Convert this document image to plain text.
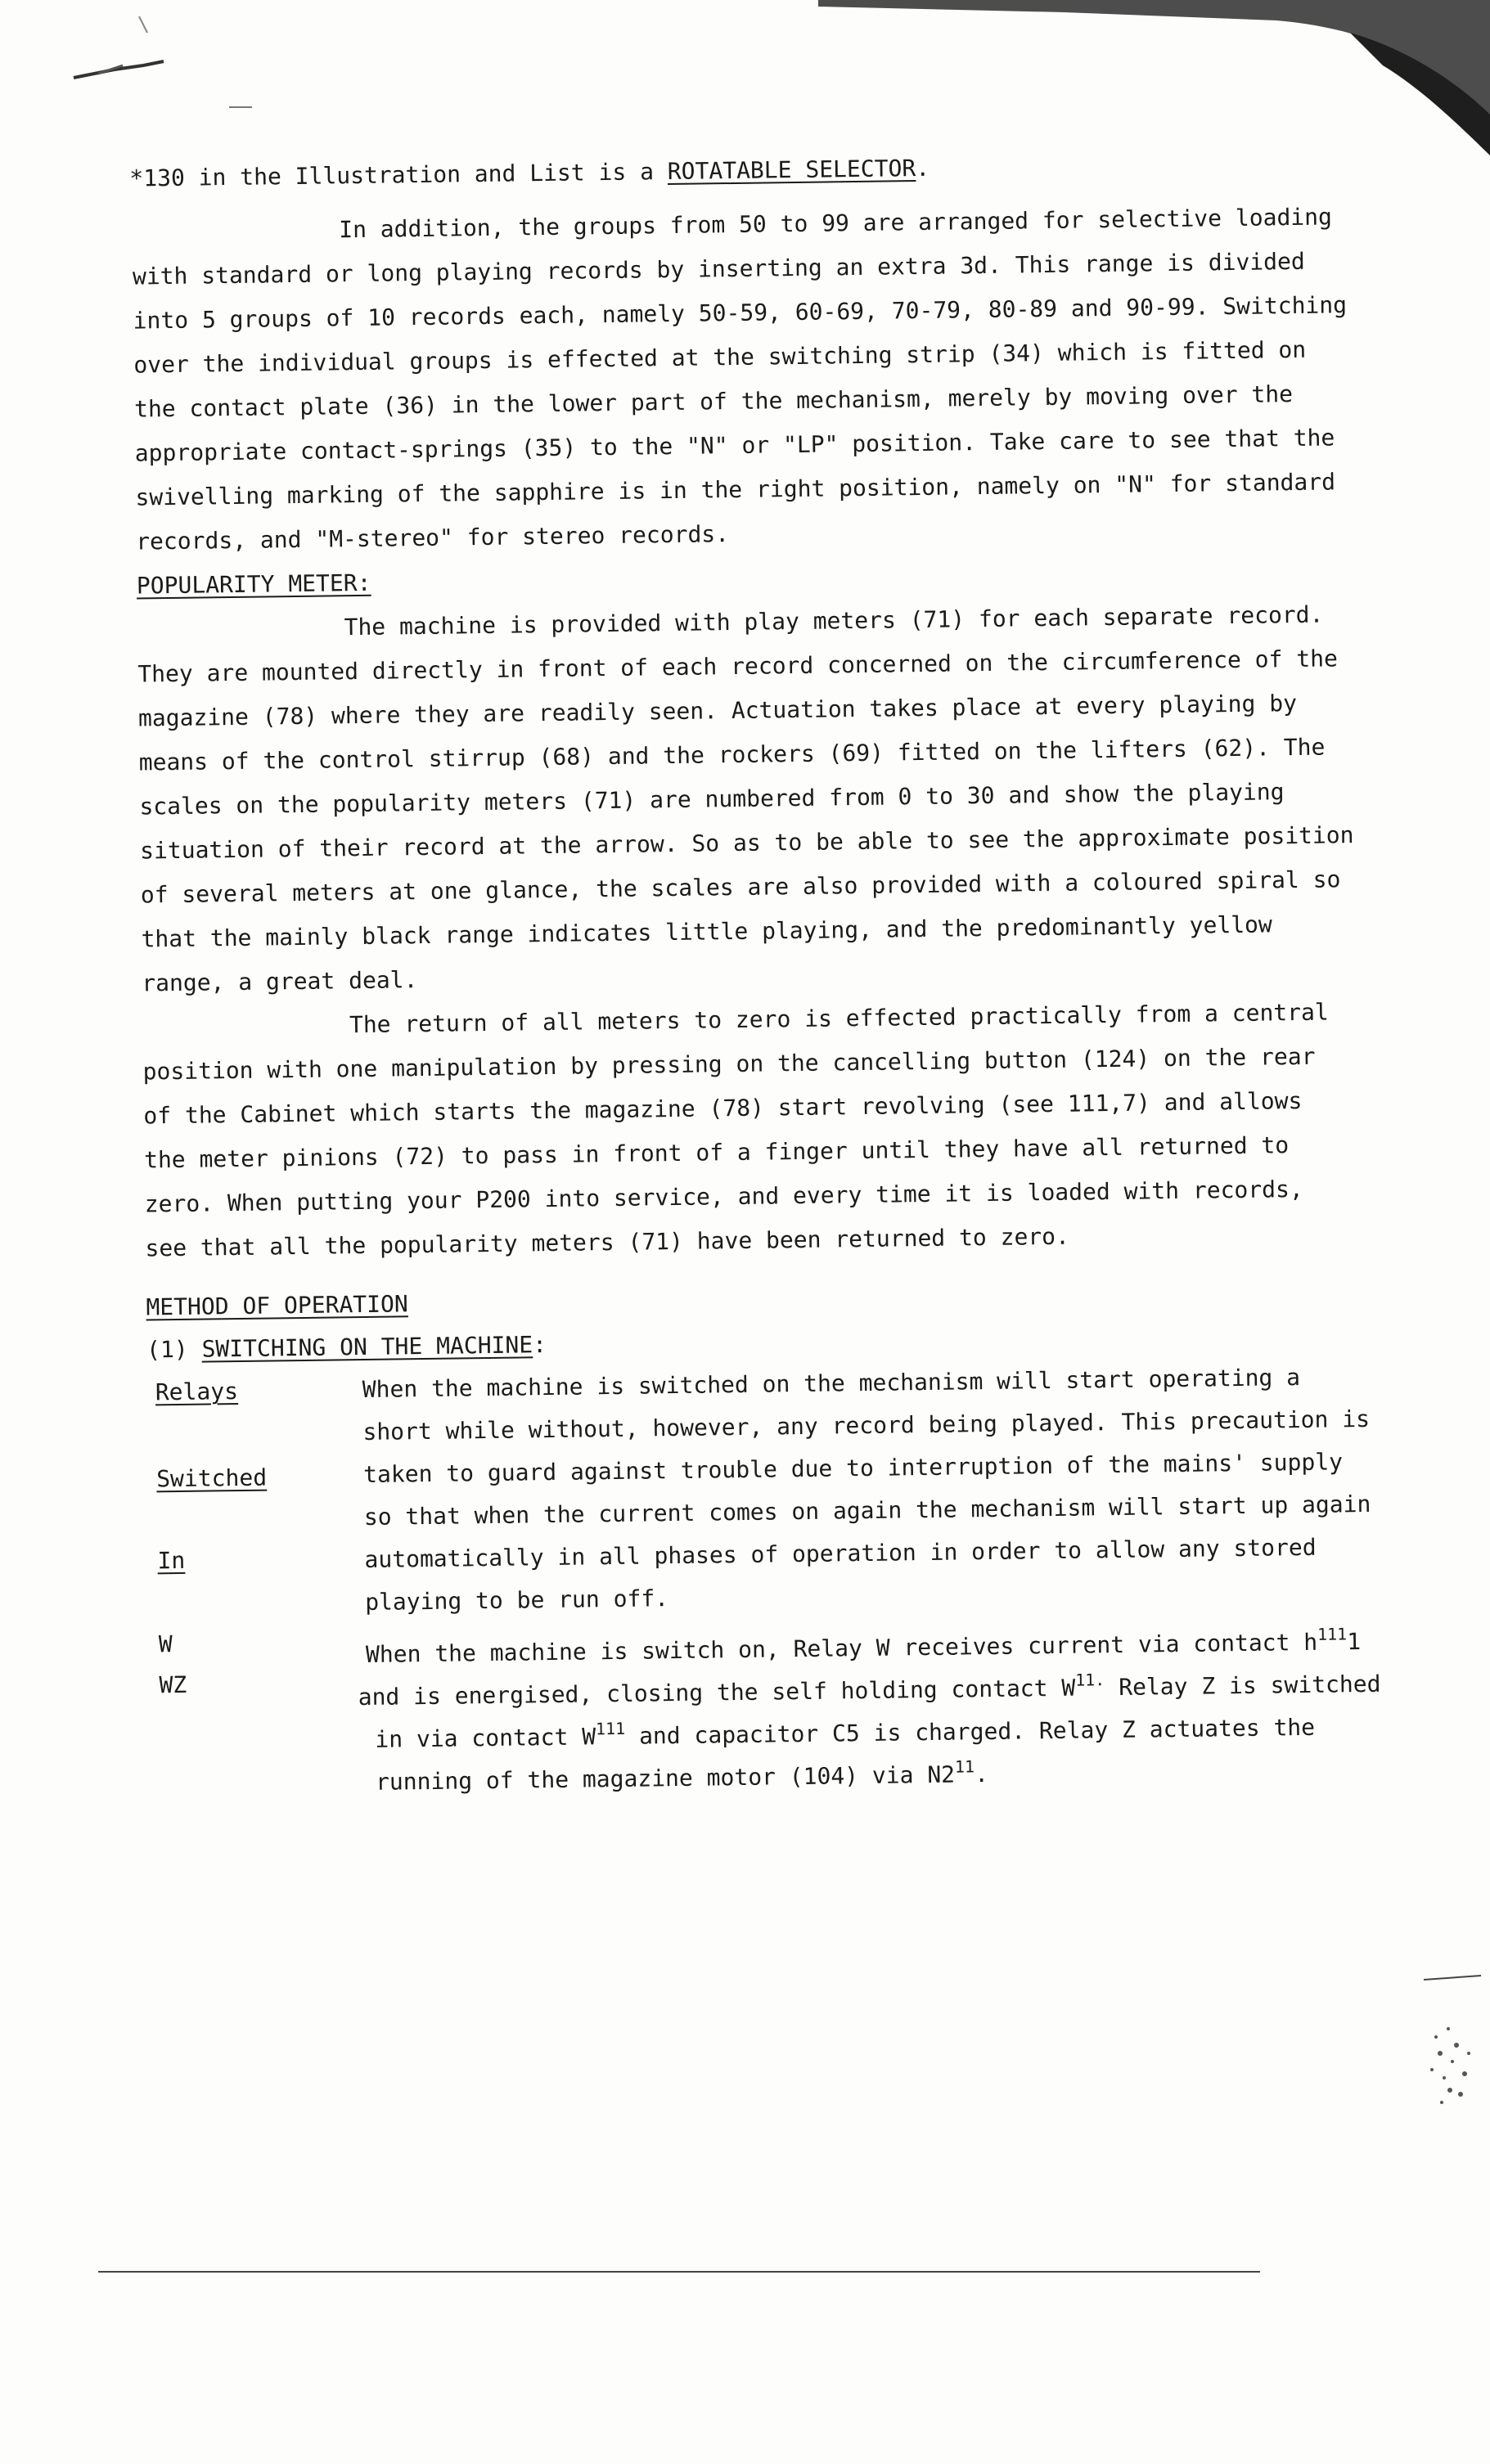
*130 in the Illustration and List is a ROTATABLE SELECTOR.
In addition, the groups from 50 to 99 are arranged for selective loading
with standard or long playing records by inserting an extra 3d. This range is divided
into 5 groups of 10 records each, namely 50-59, 60-69, 70-79, 80-89 and 90-99. Switching
over the individual groups is effected at the switching strip (34) which is fitted on
the contact plate (36) in the lower part of the mechanism, merely by moving over the
appropriate contact-springs (35) to the "N" or "LP" position. Take care to see that the
swivelling marking of the sapphire is in the right position, namely on "N" for standard
records, and "M-stereo" for stereo records.
POPULARITY METER:
The machine is provided with play meters (71) for each separate record.
They are mounted directly in front of each record concerned on the circumference of the
magazine (78) where they are readily seen. Actuation takes place at every playing by
means of the control stirrup (68) and the rockers (69) fitted on the lifters (62). The
scales on the popularity meters (71) are numbered from 0 to 30 and show the playing
situation of their record at the arrow. So as to be able to see the approximate position
of several meters at one glance, the scales are also provided with a coloured spiral so
that the mainly black range indicates little playing, and the predominantly yellow
range, a great deal.
The return of all meters to zero is effected practically from a central
position with one manipulation by pressing on the cancelling button (124) on the rear
of the Cabinet which starts the magazine (78) start revolving (see 111,7) and allows
the meter pinions (72) to pass in front of a finger until they have all returned to
zero. When putting your P200 into service, and every time it is loaded with records,
see that all the popularity meters (71) have been returned to zero.
METHOD OF OPERATION
(1) SWITCHING ON THE MACHINE:
Relays
Switched
In
W
WZ
When the machine is switched on the mechanism will start operating a
short while without, however, any record being played. This precaution is
taken to guard against trouble due to interruption of the mains' supply
so that when the current comes on again the mechanism will start up again
automatically in all phases of operation in order to allow any stored
playing to be run off.
When the machine is switch on, Relay W receives current via contact $h^{111}1$
and is energised, closing the self holding contact $W^{11.}$ Relay Z is switched
in via contact $W^{111}$ and capacitor C5 is charged. Relay Z actuates the
running of the magazine motor (104) via $N2^{11}$.
